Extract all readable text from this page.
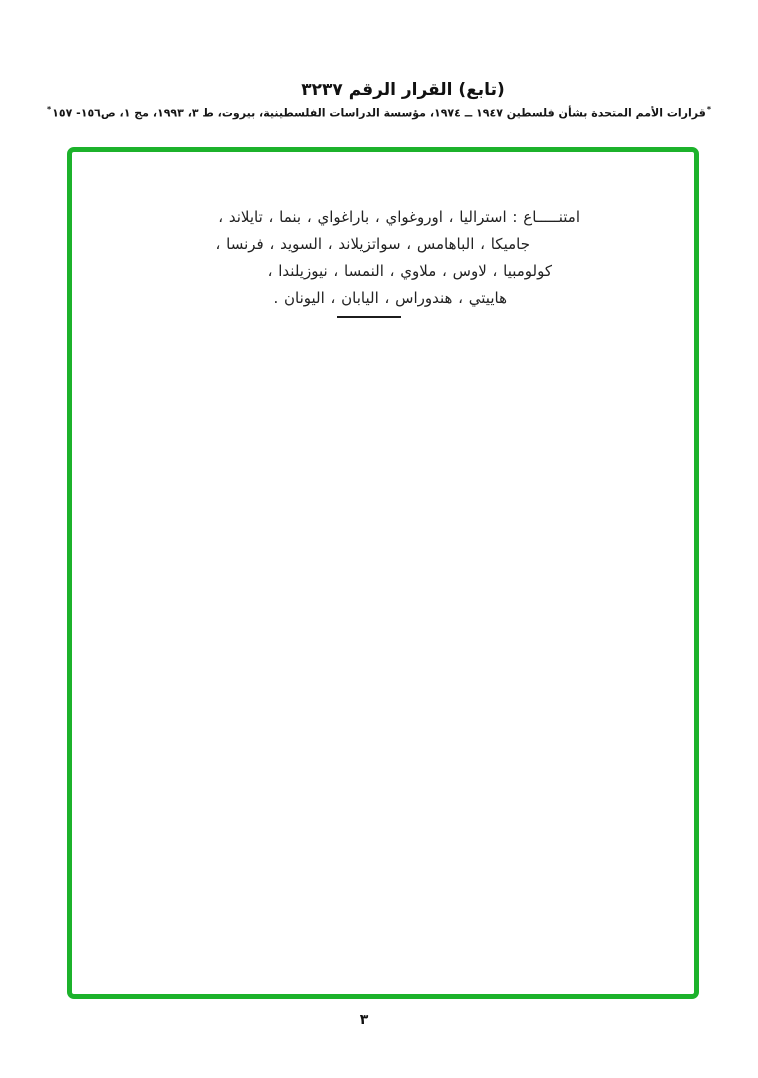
(تابع) القرار الرقم ٣٢٣٧
*قرارات الأمم المتحدة بشأن فلسطين ١٩٤٧ ــ ١٩٧٤، مؤسسة الدراسات الفلسطينية، بيروت، ط ٣، ١٩٩٣، مج ١، ص١٥٦- ١٥٧*
امتنـــــاع : استراليا ، اوروغواي ، باراغواي ، بنما ، تايلاند ،
جاميكا ، الباهامس ، سواتزيلاند ، السويد ، فرنسا ،
كولومبيا ، لاوس ، ملاوي ، النمسا ، نيوزيلندا ،
هاييتي ، هندوراس ، اليابان ، اليونان .
٣
